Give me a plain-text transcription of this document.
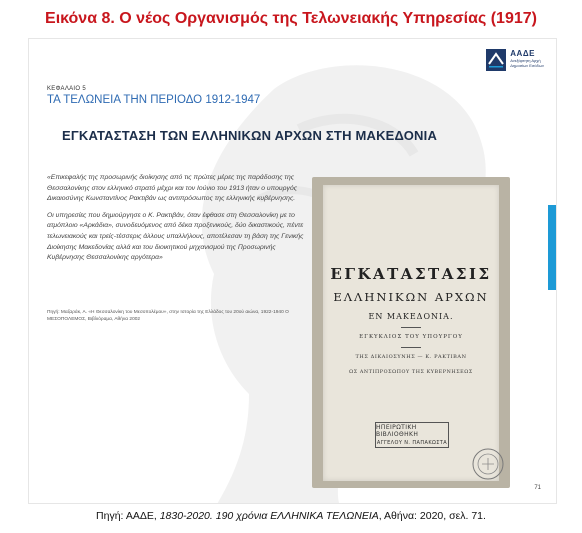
Εικόνα 8. Ο νέος Οργανισμός της Τελωνειακής Υπηρεσίας (1917)
ΑΑΔΕ
Ανεξάρτητη Αρχή
Δημοσίων Εσόδων
ΚΕΦΑΛΑΙΟ 5
ΤΑ ΤΕΛΩΝΕΙΑ ΤΗΝ ΠΕΡΙΟΔΟ 1912-1947
ΕΓΚΑΤΑΣΤΑΣΗ ΤΩΝ ΕΛΛΗΝΙΚΩΝ ΑΡΧΩΝ ΣΤΗ ΜΑΚΕΔΟΝΙΑ

«Επικεφαλής της προσωρινής διοίκησης από τις πρώτες μέρες της παράδοσης της Θεσσαλονίκης στον ελληνικό στρατό μέχρι και τον Ιούνιο του 1913 ήταν ο υπουργός Δικαιοσύνης Κωνσταντίνος Ρακτιβάν ως αντιπρόσωπος της ελληνικής κυβέρνησης.

Οι υπηρεσίες που δημιούργησε ο Κ. Ρακτιβάν, όταν έφθασε στη Θεσσαλονίκη με το ατμόπλοιο «Αρκάδια», συνοδευόμενος από δέκα προξενικούς, δύο δικαστικούς, πέντε τελωνειακούς και τρείς-τέσσερις άλλους υπαλλήλους, αποτέλεσαν τη βάση της Γενικής Διοίκησης Μακεδονίας αλλά και του διοικητικού μηχανισμού της Προσωρινής Κυβέρνησης Θεσσαλονίκης αργότερα»

Πηγή: Μαζαράκ, Α. «Η Θεσσαλονίκη του Μεσοπολέμου», στην Ιστορία της Ελλάδος του 20ού αιώνα, 1922-1940 Ο ΜΕΣΟΠΟΛΕΜΟΣ, Βιβλιόραμα, Αθήνα 2002
ΕΓΚΑΤΑΣΤΑΣΙΣ
ΕΛΛΗΝΙΚΩΝ ΑΡΧΩΝ
ΕΝ ΜΑΚΕΔΟΝΙΑ.
ΕΓΚΥΚΛΙΟΣ ΤΟΥ ΥΠΟΥΡΓΟΥ
ΤΗΣ ΔΙΚΑΙΟΣΥΝΗΣ — Κ. ΡΑΚΤΙΒΑΝ
ΩΣ ΑΝΤΙΠΡΟΣΩΠΟΥ ΤΗΣ ΚΥΒΕΡΝΗΣΕΩΣ
ΗΠΕΙΡΩΤΙΚΗ ΒΙΒΛΙΟΘΗΚΗ
ΑΓΓΕΛΟΥ Ν. ΠΑΠΑΚΩΣΤΑ
71
Πηγή: ΑΑΔΕ, 1830-2020. 190 χρόνια ΕΛΛΗΝΙΚΑ ΤΕΛΩΝΕΙΑ, Αθήνα: 2020, σελ. 71.
